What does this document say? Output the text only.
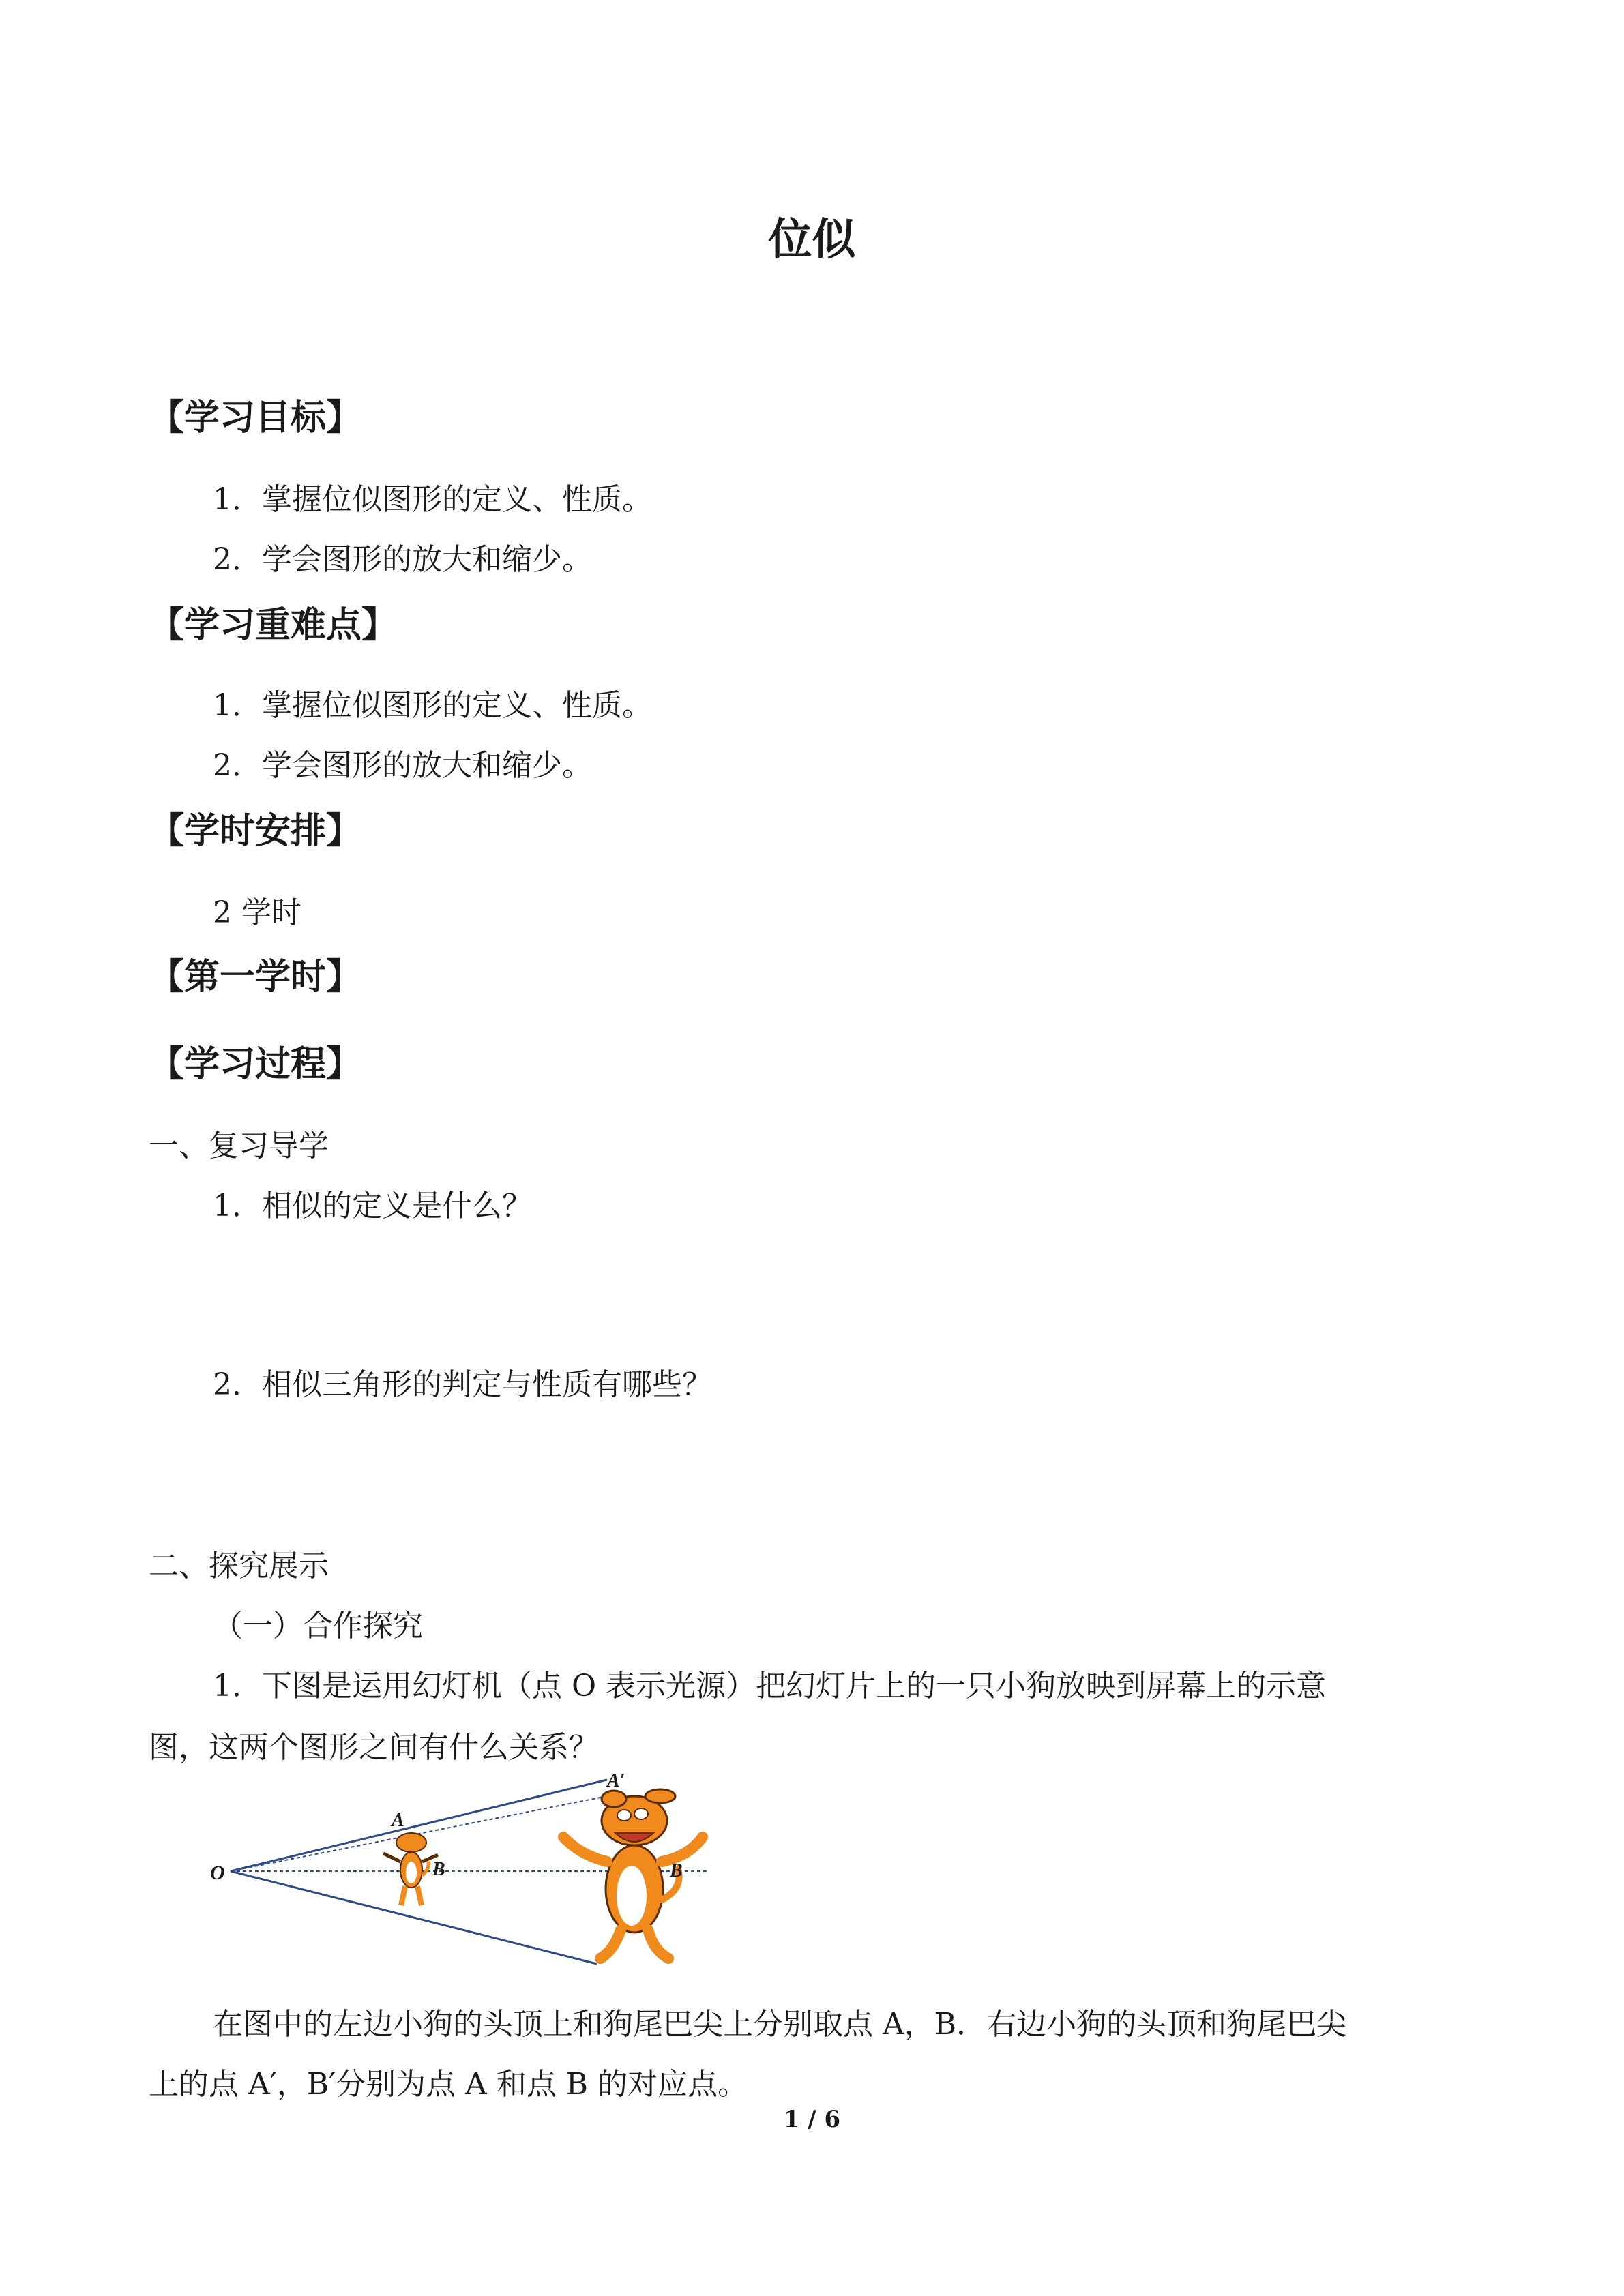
位似
【学习目标】
1．掌握位似图形的定义、性质。
2．学会图形的放大和缩少。
【学习重难点】
1．掌握位似图形的定义、性质。
2．学会图形的放大和缩少。
【学时安排】
2 学时
【第一学时】
【学习过程】
一、复习导学
1．相似的定义是什么？
2．相似三角形的判定与性质有哪些？
二、探究展示
（一）合作探究
1．下图是运用幻灯机（点 O 表示光源）把幻灯片上的一只小狗放映到屏幕上的示意
图，这两个图形之间有什么关系？
O
A
B
A′
B
在图中的左边小狗的头顶上和狗尾巴尖上分别取点 A，B．右边小狗的头顶和狗尾巴尖
上的点 A′，B′分别为点 A 和点 B 的对应点。
1 / 6
